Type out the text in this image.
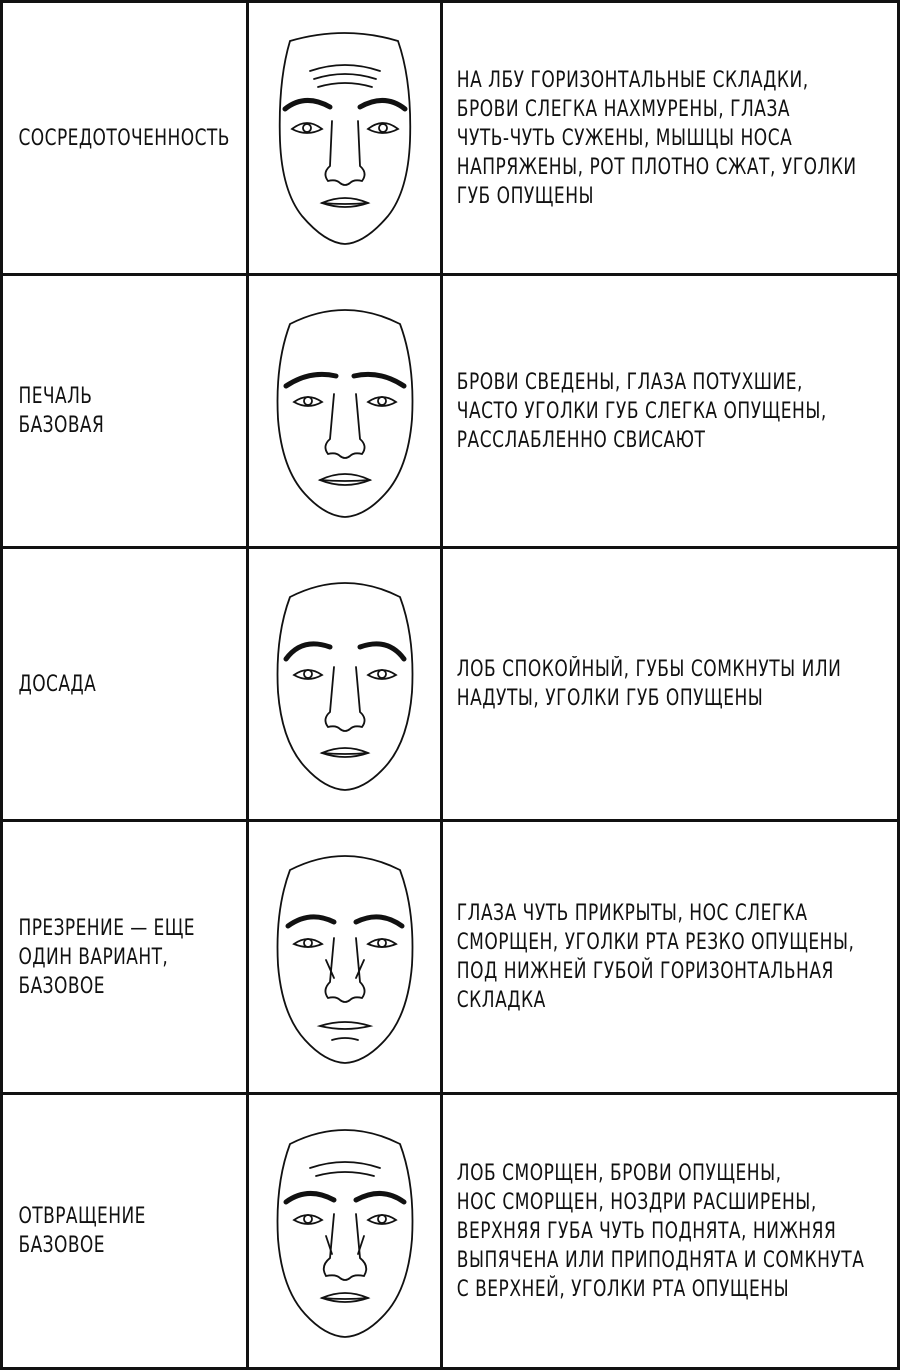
СОСРЕДОТОЧЕННОСТЬ		НА ЛБУ ГОРИЗОНТАЛЬНЫЕ СКЛАДКИ,
БРОВИ СЛЕГКА НАХМУРЕНЫ, ГЛАЗА
ЧУТЬ-ЧУТЬ СУЖЕНЫ, МЫШЦЫ НОСА
НАПРЯЖЕНЫ, РОТ ПЛОТНО СЖАТ, УГОЛКИ
ГУБ ОПУЩЕНЫ

ПЕЧАЛЬ
БАЗОВАЯ		БРОВИ СВЕДЕНЫ, ГЛАЗА ПОТУХШИЕ,
ЧАСТО УГОЛКИ ГУБ СЛЕГКА ОПУЩЕНЫ,
РАССЛАБЛЕННО СВИСАЮТ

ДОСАДА		ЛОБ СПОКОЙНЫЙ, ГУБЫ СОМКНУТЫ ИЛИ
НАДУТЫ, УГОЛКИ ГУБ ОПУЩЕНЫ

ПРЕЗРЕНИЕ — ЕЩЕ
ОДИН ВАРИАНТ,
БАЗОВОЕ		ГЛАЗА ЧУТЬ ПРИКРЫТЫ, НОС СЛЕГКА
СМОРЩЕН, УГОЛКИ РТА РЕЗКО ОПУЩЕНЫ,
ПОД НИЖНЕЙ ГУБОЙ ГОРИЗОНТАЛЬНАЯ
СКЛАДКА

ОТВРАЩЕНИЕ
БАЗОВОЕ		ЛОБ СМОРЩЕН, БРОВИ ОПУЩЕНЫ,
НОС СМОРЩЕН, НОЗДРИ РАСШИРЕНЫ,
ВЕРХНЯЯ ГУБА ЧУТЬ ПОДНЯТА, НИЖНЯЯ
ВЫПЯЧЕНА ИЛИ ПРИПОДНЯТА И СОМКНУТА
С ВЕРХНЕЙ, УГОЛКИ РТА ОПУЩЕНЫ
